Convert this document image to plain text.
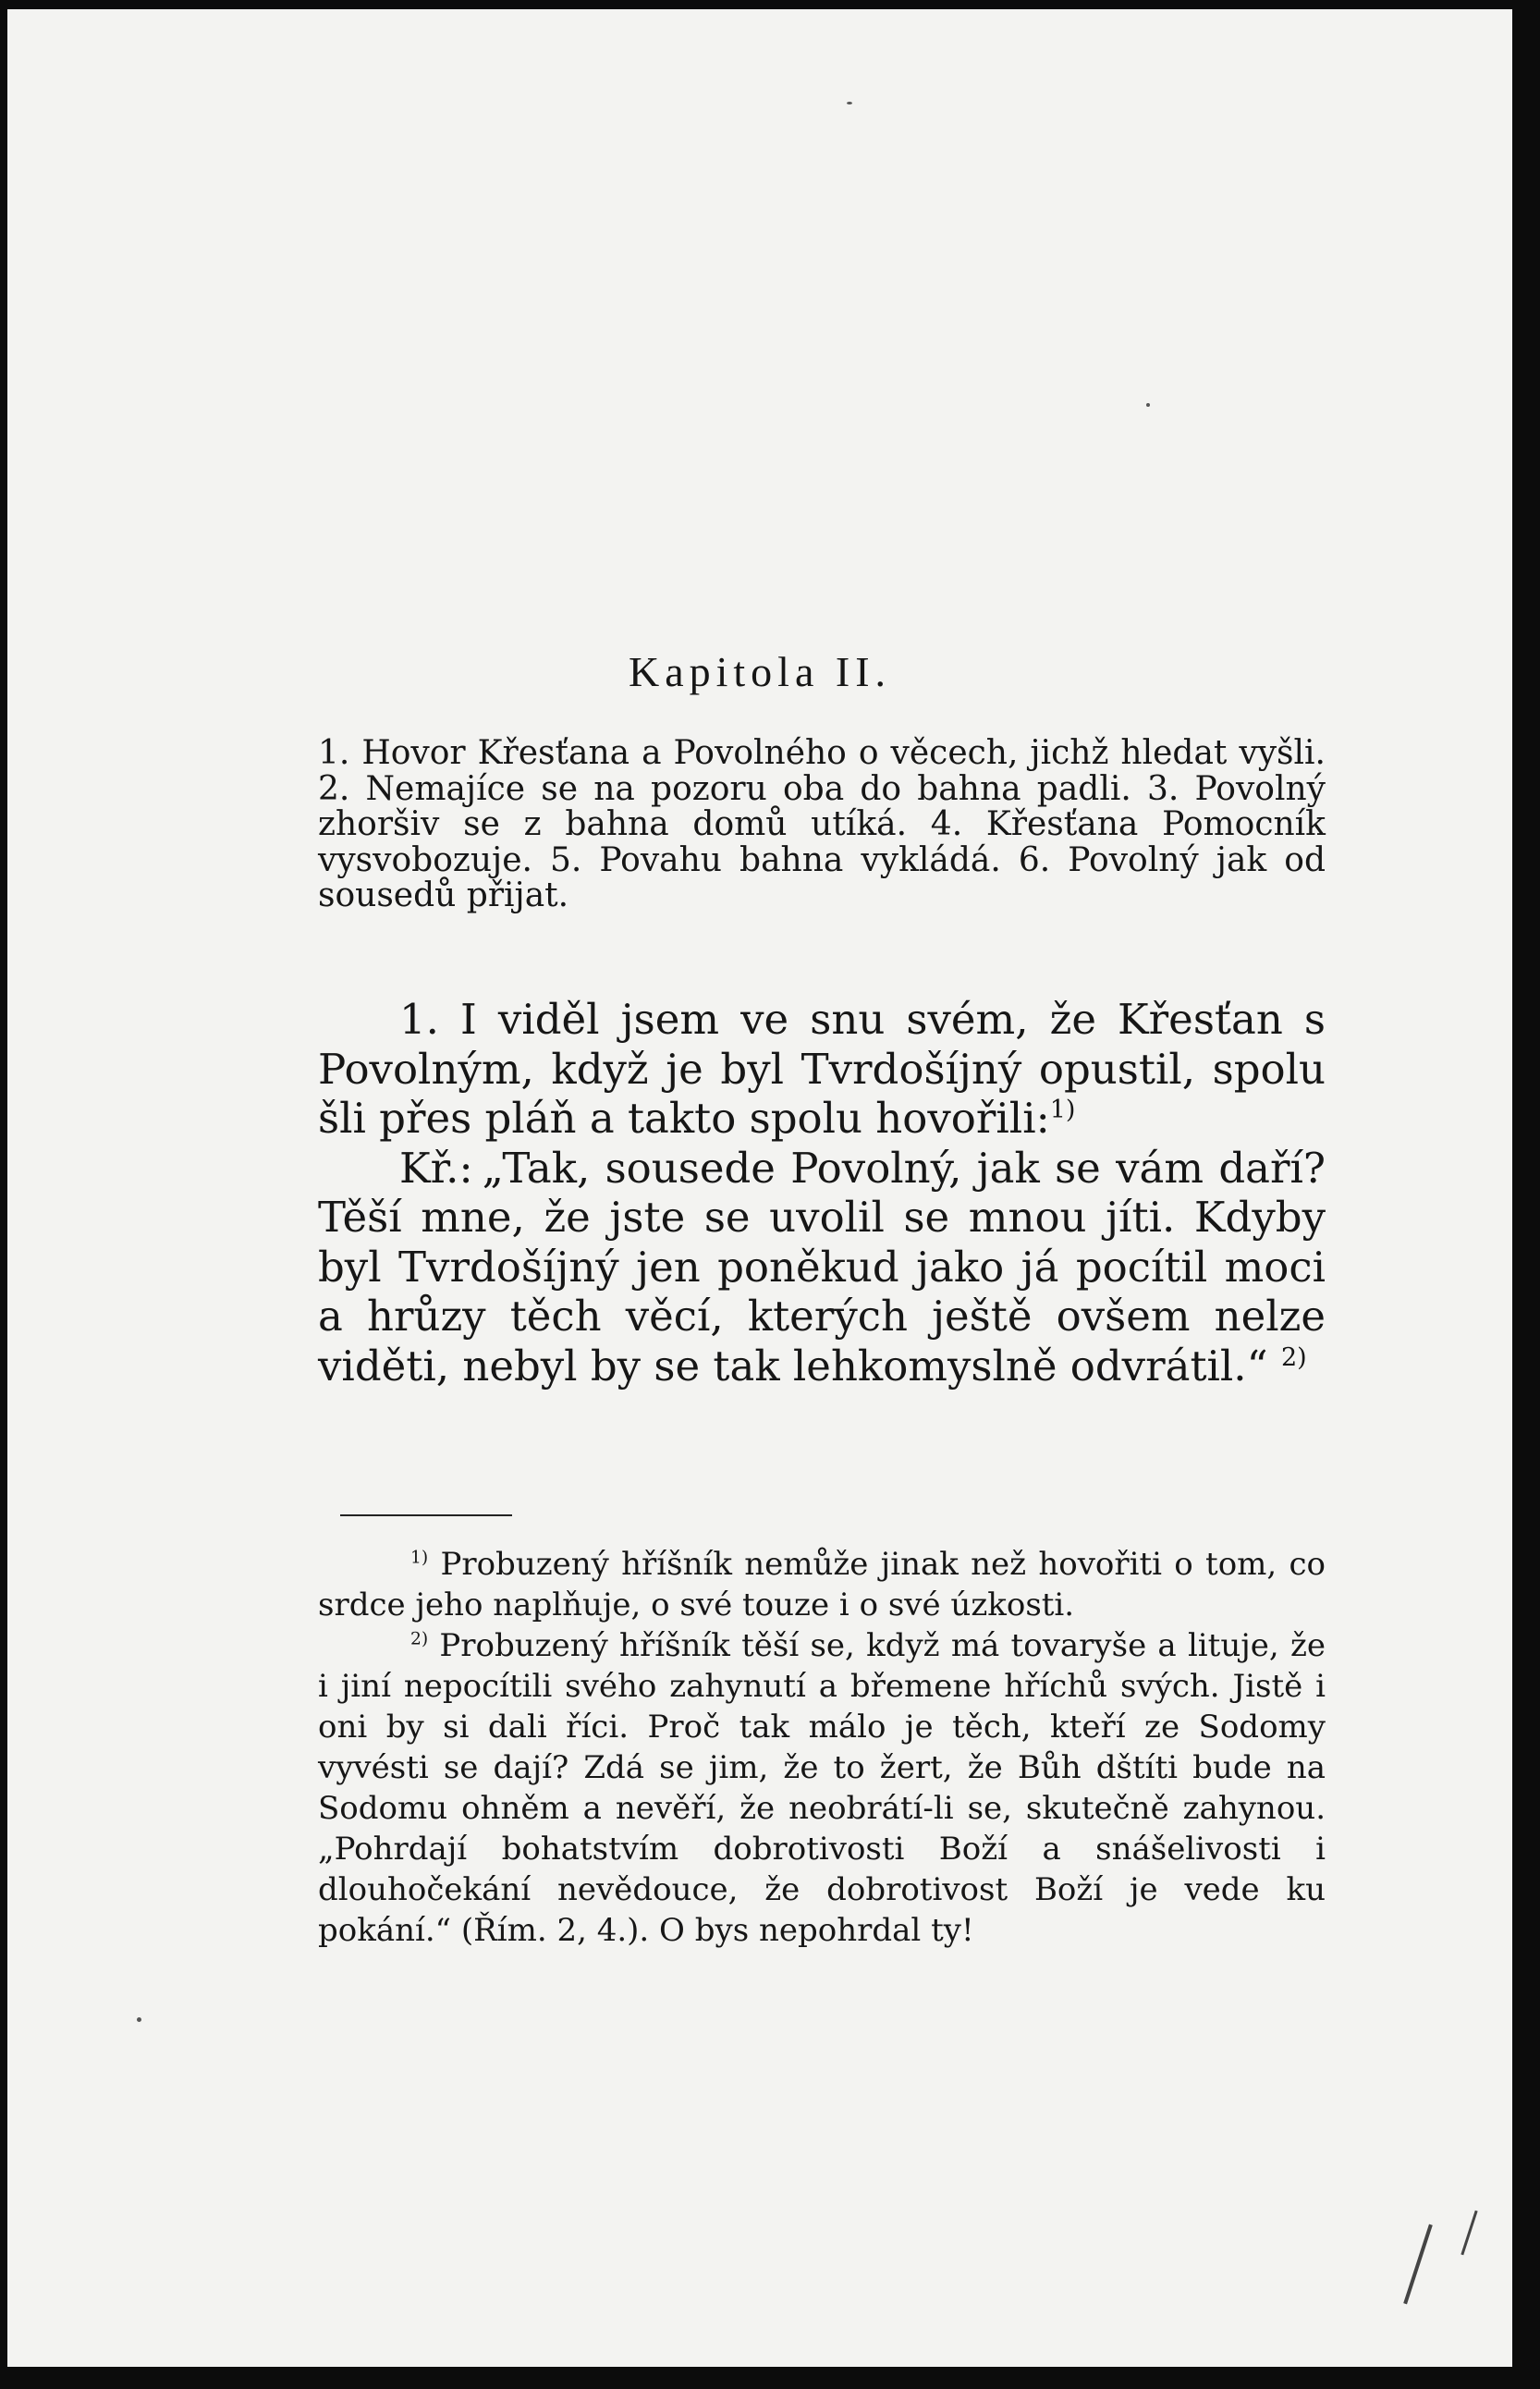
Kapitola II.
1. Hovor Křesťana a Povolného o věcech, jichž hledat vyšli. 2. Nemajíce se na pozoru oba do bahna padli. 3. Povolný zhoršiv se z bahna domů utíká. 4. Křesťana Pomocník vysvobozuje. 5. Povahu bahna vykládá. 6. Povolný jak od sousedů přijat.

1. I viděl jsem ve snu svém, že Křesťan s Povolným, když je byl Tvrdošíjný opustil, spolu šli přes pláň a takto spolu hovořili:$^{1)}$

Kř.: „Tak, sousede Povolný, jak se vám daří? Těší mne, že jste se uvolil se mnou jíti. Kdyby byl Tvrdošíjný jen poněkud jako já pocítil moci a hrůzy těch věcí, kterých ještě ovšem nelze viděti, nebyl by se tak lehkomyslně odvrátil.“ $^{2)}$

$^{1)}$ Probuzený hříšník nemůže jinak než hovořiti o tom, co srdce jeho naplňuje, o své touze i o své úzkosti.

$^{2)}$ Probuzený hříšník těší se, když má tovaryše a lituje, že i jiní nepocítili svého zahynutí a břemene hříchů svých. Jistě i oni by si dali říci. Proč tak málo je těch, kteří ze Sodomy vyvésti se dají? Zdá se jim, že to žert, že Bůh dštíti bude na Sodomu ohněm a nevěří, že neobrátí-li se, skutečně zahynou. „Pohrdají bohatstvím dobrotivosti Boží a snášelivosti i dlouhočekání nevědouce, že dobrotivost Boží je vede ku pokání.“ (Řím. 2, 4.). O bys nepohrdal ty!
